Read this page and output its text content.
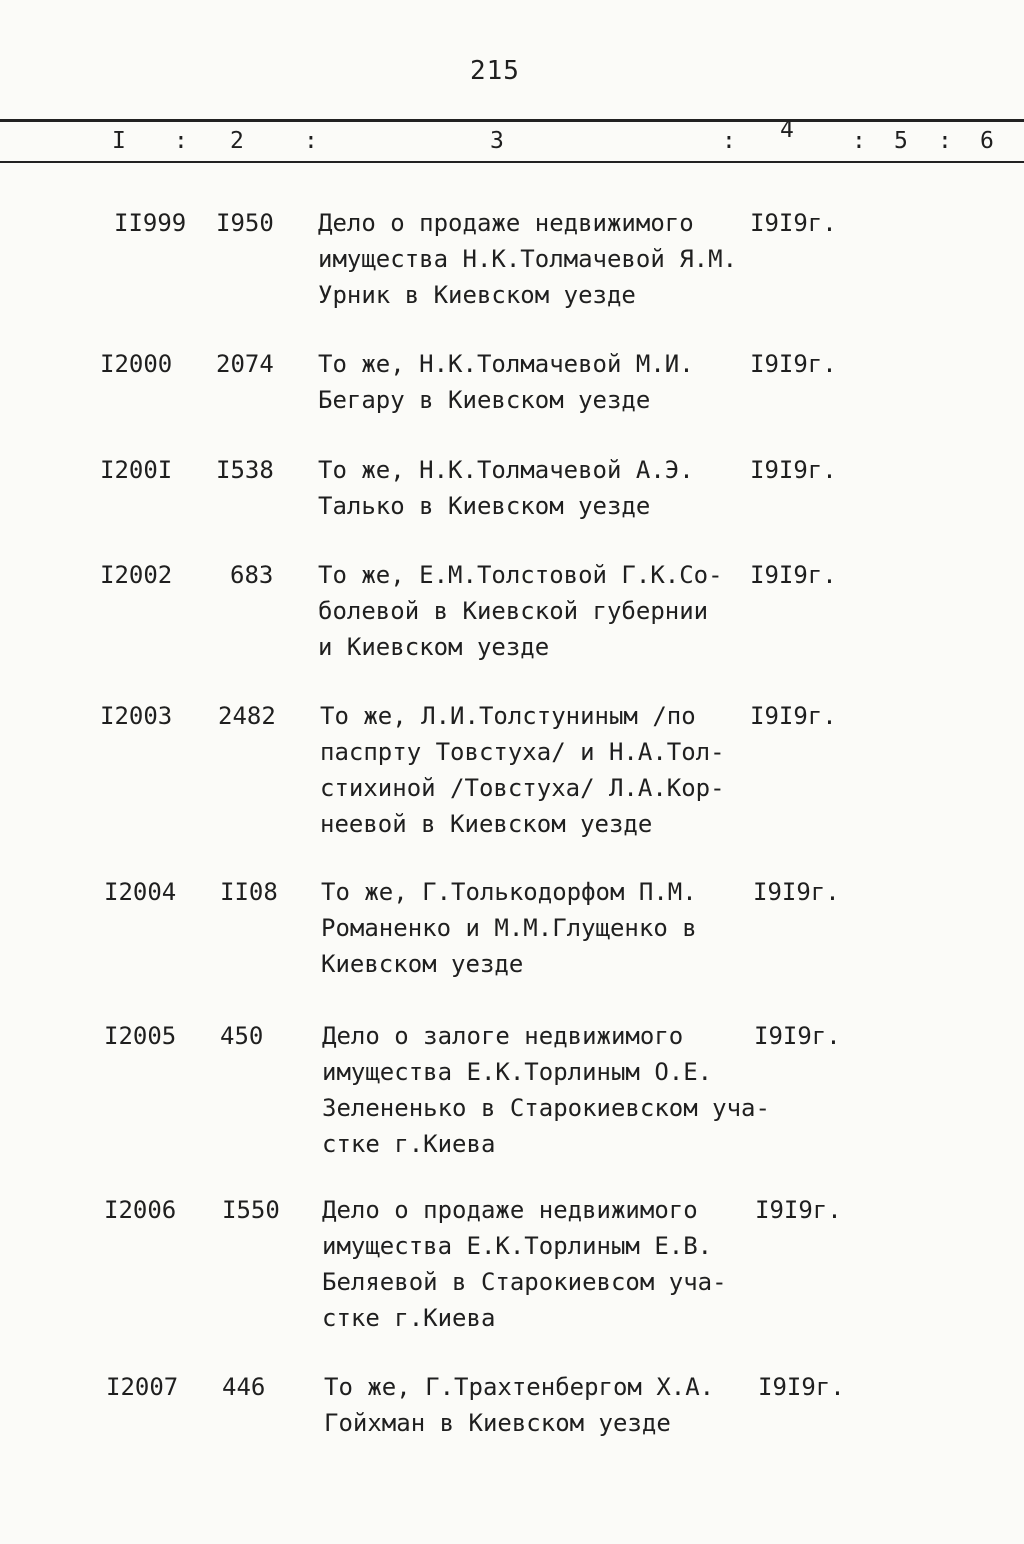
215
I : 2	:	3	: 4	: 5 : 6
II999	I950	Дело о продаже недвижимого
имущества Н.К.Толмачевой Я.М.
Урник в Киевском уезде
I9I9г.
I2000	2074	То же, Н.К.Толмачевой М.И.
Бегару в Киевском уезде
I9I9г.
I200I	I538	То же, Н.К.Толмачевой А.Э.
Талько в Киевском уезде
I9I9г.
I2002	683	То же, Е.М.Толстовой Г.К.Со-
болевой в Киевской губернии
и Киевском уезде
I9I9г.
I2003	2482	То же, Л.И.Толстуниным /по
паспрту Товстуха/ и Н.А.Тол-
стихиной /Товстуха/ Л.А.Кор-
неевой в Киевском уезде
I9I9г.
I2004	II08	То же, Г.Толькодорфом П.М.
Романенко и М.М.Глущенко в
Киевском уезде
I9I9г.
I2005	450	Дело о залоге недвижимого
имущества Е.К.Торлиным О.Е.
Зелененько в Старокиевском уча-
стке г.Киева
I9I9г.
I2006	I550	Дело о продаже недвижимого
имущества Е.К.Торлиным Е.В.
Беляевой в Старокиевсом уча-
стке г.Киева
I9I9г.
I2007	446	То же, Г.Трахтенбергом Х.А.
Гойхман в Киевском уезде
I9I9г.
